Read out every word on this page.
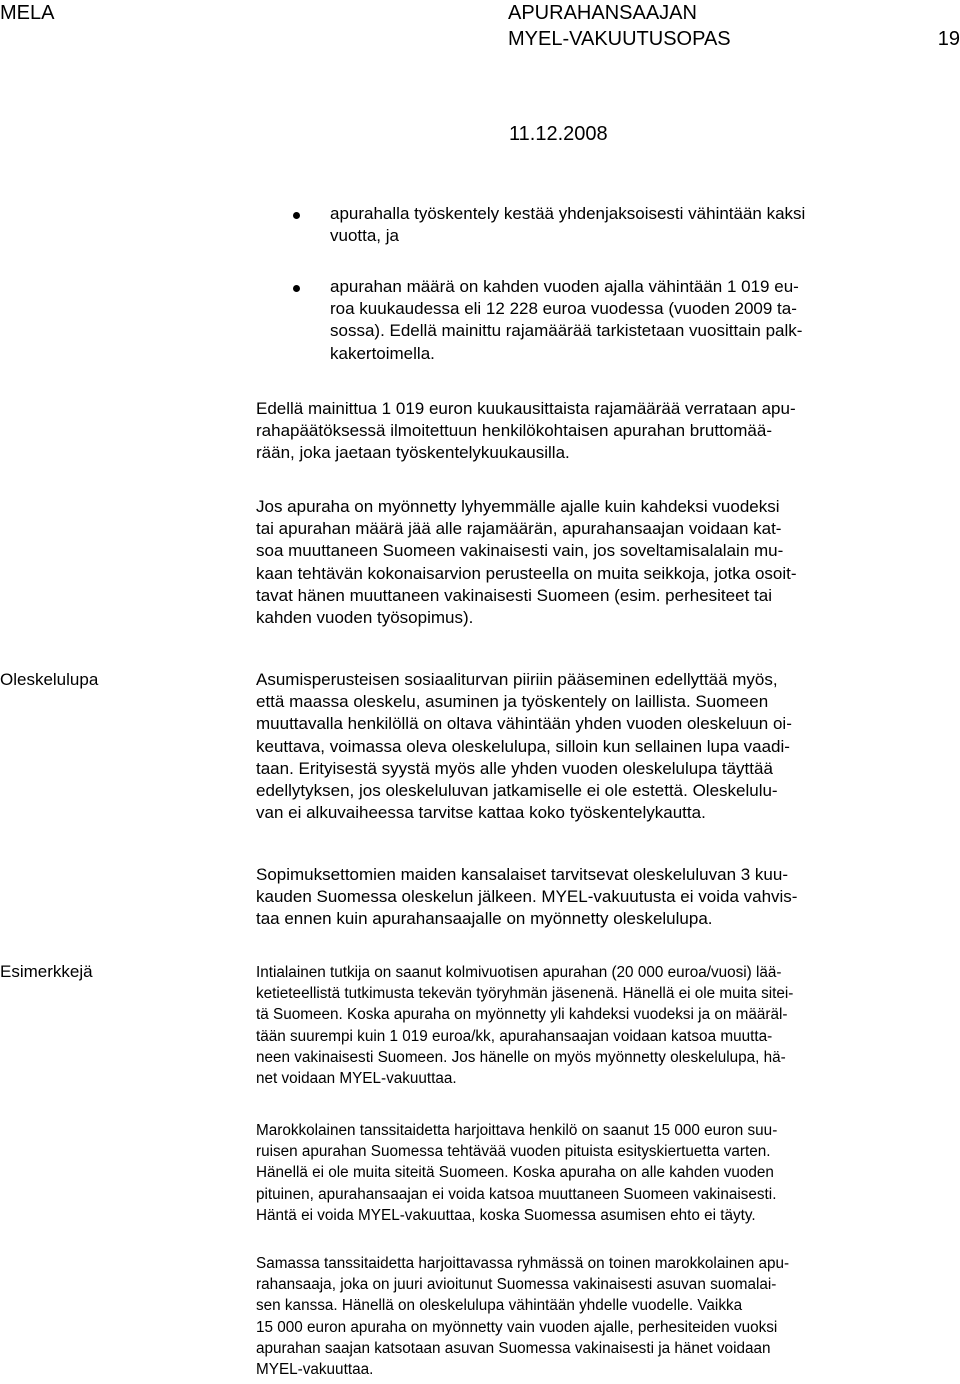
MELA	APURAHANSAAJAN
MYEL-VAKUUTUSOPAS	19
11.12.2008

apurahalla työskentely kestää yhdenjaksoisesti vähintään kaksi
vuotta, ja

apurahan määrä on kahden vuoden ajalla vähintään 1 019 eu-
roa kuukaudessa eli 12 228 euroa vuodessa (vuoden 2009 ta-
sossa). Edellä mainittu rajamäärää tarkistetaan vuosittain palk-
kakertoimella.

Edellä mainittua 1 019 euron kuukausittaista rajamäärää verrataan apu-
rahapäätöksessä ilmoitettuun henkilökohtaisen apurahan bruttomää-
rään, joka jaetaan työskentelykuukausilla.

Jos apuraha on myönnetty lyhyemmälle ajalle kuin kahdeksi vuodeksi
tai apurahan määrä jää alle rajamäärän, apurahansaajan voidaan kat-
soa muuttaneen Suomeen vakinaisesti vain, jos soveltamisalalain mu-
kaan tehtävän kokonaisarvion perusteella on muita seikkoja, jotka osoit-
tavat hänen muuttaneen vakinaisesti Suomeen (esim. perhesiteet tai
kahden vuoden työsopimus).

Oleskelulupa	Asumisperusteisen sosiaaliturvan piiriin pääseminen edellyttää myös,
että maassa oleskelu, asuminen ja työskentely on laillista. Suomeen
muuttavalla henkilöllä on oltava vähintään yhden vuoden oleskeluun oi-
keuttava, voimassa oleva oleskelulupa, silloin kun sellainen lupa vaadi-
taan. Erityisestä syystä myös alle yhden vuoden oleskelulupa täyttää
edellytyksen, jos oleskeluluvan jatkamiselle ei ole estettä. Oleskelulu-
van ei alkuvaiheessa tarvitse kattaa koko työskentelykautta.

Sopimuksettomien maiden kansalaiset tarvitsevat oleskeluluvan 3 kuu-
kauden Suomessa oleskelun jälkeen. MYEL-vakuutusta ei voida vahvis-
taa ennen kuin apurahansaajalle on myönnetty oleskelulupa.

Esimerkkejä	Intialainen tutkija on saanut kolmivuotisen apurahan (20 000 euroa/vuosi) lää-
ketieteellistä tutkimusta tekevän työryhmän jäsenenä. Hänellä ei ole muita sitei-
tä Suomeen. Koska apuraha on myönnetty yli kahdeksi vuodeksi ja on määräl-
tään suurempi kuin 1 019 euroa/kk, apurahansaajan voidaan katsoa muuttа-
neen vakinaisesti Suomeen. Jos hänelle on myös myönnetty oleskelulupa, hä-
net voidaan MYEL-vakuuttaa.

Marokkolainen tanssitaidetta harjoittava henkilö on saanut 15 000 euron suu-
ruisen apurahan Suomessa tehtävää vuoden pituista esityskiertuetta varten.
Hänellä ei ole muita siteitä Suomeen. Koska apuraha on alle kahden vuoden
pituinen, apurahansaajan ei voida katsoa muuttaneen Suomeen vakinaisesti.
Häntä ei voida MYEL-vakuuttaa, koska Suomessa asumisen ehto ei täyty.

Samassa tanssitaidetta harjoittavassa ryhmässä on toinen marokkolainen apu-
rahansaaja, joka on juuri avioitunut Suomessa vakinaisesti asuvan suomalai-
sen kanssa. Hänellä on oleskelulupa vähintään yhdelle vuodelle. Vaikka
15 000 euron apuraha on myönnetty vain vuoden ajalle, perhesiteiden vuoksi
apurahan saajan katsotaan asuvan Suomessa vakinaisesti ja hänet voidaan
MYEL-vakuuttaa.
